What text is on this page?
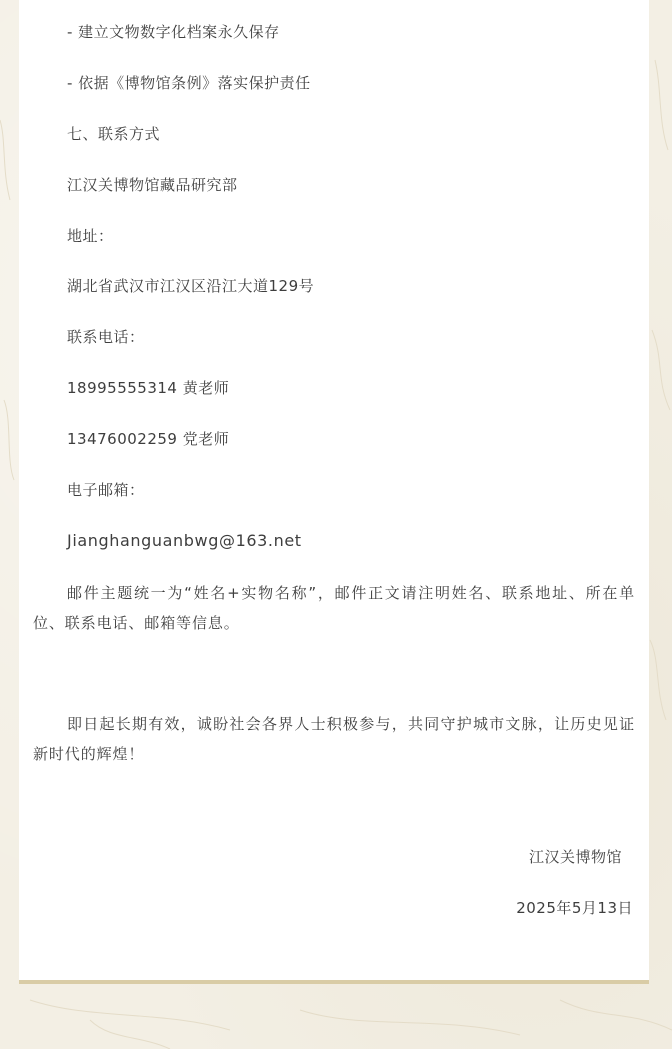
- 建立文物数字化档案永久保存

- 依据《博物馆条例》落实保护责任

七、联系方式

江汉关博物馆藏品研究部

地址：

湖北省武汉市江汉区沿江大道129号

联系电话：

18995555314 黄老师

13476002259 党老师

电子邮箱：

Jianghanguanbwg@163.net

邮件主题统一为“姓名+实物名称”，邮件正文请注明姓名、联系地址、所在单位、联系电话、邮箱等信息。

即日起长期有效，诚盼社会各界人士积极参与，共同守护城市文脉，让历史见证新时代的辉煌！

江汉关博物馆

2025年5月13日
